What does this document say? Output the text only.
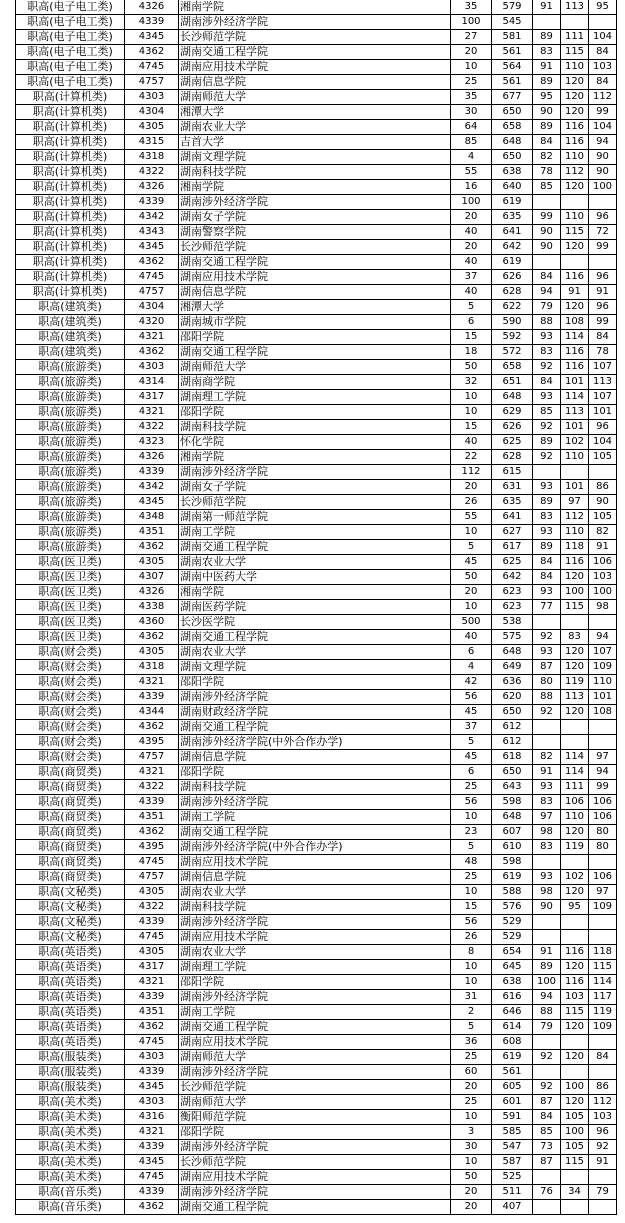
职高(电子电工类)	4326	湘南学院	35	579	91	113	95
职高(电子电工类)	4339	湖南涉外经济学院	100	545			
职高(电子电工类)	4345	长沙师范学院	27	581	89	111	104
职高(电子电工类)	4362	湖南交通工程学院	20	561	83	115	84
职高(电子电工类)	4745	湖南应用技术学院	10	564	91	110	103
职高(电子电工类)	4757	湖南信息学院	25	561	89	120	84
职高(计算机类)	4303	湖南师范大学	35	677	95	120	112
职高(计算机类)	4304	湘潭大学	30	650	90	120	99
职高(计算机类)	4305	湖南农业大学	64	658	89	116	104
职高(计算机类)	4315	吉首大学	85	648	84	116	94
职高(计算机类)	4318	湖南文理学院	4	650	82	110	90
职高(计算机类)	4322	湖南科技学院	55	638	78	112	90
职高(计算机类)	4326	湘南学院	16	640	85	120	100
职高(计算机类)	4339	湖南涉外经济学院	100	619			
职高(计算机类)	4342	湖南女子学院	20	635	99	110	96
职高(计算机类)	4343	湖南警察学院	40	641	90	115	72
职高(计算机类)	4345	长沙师范学院	20	642	90	120	99
职高(计算机类)	4362	湖南交通工程学院	40	619			
职高(计算机类)	4745	湖南应用技术学院	37	626	84	116	96
职高(计算机类)	4757	湖南信息学院	40	628	94	91	91
职高(建筑类)	4304	湘潭大学	5	622	79	120	96
职高(建筑类)	4320	湖南城市学院	6	590	88	108	99
职高(建筑类)	4321	邵阳学院	15	592	93	114	84
职高(建筑类)	4362	湖南交通工程学院	18	572	83	116	78
职高(旅游类)	4303	湖南师范大学	50	658	92	116	107
职高(旅游类)	4314	湖南商学院	32	651	84	101	113
职高(旅游类)	4317	湖南理工学院	10	648	93	114	107
职高(旅游类)	4321	邵阳学院	10	629	85	113	101
职高(旅游类)	4322	湖南科技学院	15	626	92	101	96
职高(旅游类)	4323	怀化学院	40	625	89	102	104
职高(旅游类)	4326	湘南学院	22	628	92	110	105
职高(旅游类)	4339	湖南涉外经济学院	112	615			
职高(旅游类)	4342	湖南女子学院	20	631	93	101	86
职高(旅游类)	4345	长沙师范学院	26	635	89	97	90
职高(旅游类)	4348	湖南第一师范学院	55	641	83	112	105
职高(旅游类)	4351	湖南工学院	10	627	93	110	82
职高(旅游类)	4362	湖南交通工程学院	5	617	89	118	91
职高(医卫类)	4305	湖南农业大学	45	625	84	116	106
职高(医卫类)	4307	湖南中医药大学	50	642	84	120	103
职高(医卫类)	4326	湘南学院	20	623	93	100	100
职高(医卫类)	4338	湖南医药学院	10	623	77	115	98
职高(医卫类)	4360	长沙医学院	500	538			
职高(医卫类)	4362	湖南交通工程学院	40	575	92	83	94
职高(财会类)	4305	湖南农业大学	6	648	93	120	107
职高(财会类)	4318	湖南文理学院	4	649	87	120	109
职高(财会类)	4321	邵阳学院	42	636	80	119	110
职高(财会类)	4339	湖南涉外经济学院	56	620	88	113	101
职高(财会类)	4344	湖南财政经济学院	45	650	92	120	108
职高(财会类)	4362	湖南交通工程学院	37	612			
职高(财会类)	4395	湖南涉外经济学院(中外合作办学)	5	612			
职高(财会类)	4757	湖南信息学院	45	618	82	114	97
职高(商贸类)	4321	邵阳学院	6	650	91	114	94
职高(商贸类)	4322	湖南科技学院	25	643	93	111	99
职高(商贸类)	4339	湖南涉外经济学院	56	598	83	106	106
职高(商贸类)	4351	湖南工学院	10	648	97	110	106
职高(商贸类)	4362	湖南交通工程学院	23	607	98	120	80
职高(商贸类)	4395	湖南涉外经济学院(中外合作办学)	5	610	83	119	80
职高(商贸类)	4745	湖南应用技术学院	48	598			
职高(商贸类)	4757	湖南信息学院	25	619	93	102	106
职高(文秘类)	4305	湖南农业大学	10	588	98	120	97
职高(文秘类)	4322	湖南科技学院	15	576	90	95	109
职高(文秘类)	4339	湖南涉外经济学院	56	529			
职高(文秘类)	4745	湖南应用技术学院	26	529			
职高(英语类)	4305	湖南农业大学	8	654	91	116	118
职高(英语类)	4317	湖南理工学院	10	645	89	120	115
职高(英语类)	4321	邵阳学院	10	638	100	116	114
职高(英语类)	4339	湖南涉外经济学院	31	616	94	103	117
职高(英语类)	4351	湖南工学院	2	646	88	115	119
职高(英语类)	4362	湖南交通工程学院	5	614	79	120	109
职高(英语类)	4745	湖南应用技术学院	36	608			
职高(服装类)	4303	湖南师范大学	25	619	92	120	84
职高(服装类)	4339	湖南涉外经济学院	60	561			
职高(服装类)	4345	长沙师范学院	20	605	92	100	86
职高(美术类)	4303	湖南师范大学	25	601	87	120	112
职高(美术类)	4316	衡阳师范学院	10	591	84	105	103
职高(美术类)	4321	邵阳学院	3	585	85	100	96
职高(美术类)	4339	湖南涉外经济学院	30	547	73	105	92
职高(美术类)	4345	长沙师范学院	10	587	87	115	91
职高(美术类)	4745	湖南应用技术学院	50	525			
职高(音乐类)	4339	湖南涉外经济学院	20	511	76	34	79
职高(音乐类)	4362	湖南交通工程学院	20	407			
